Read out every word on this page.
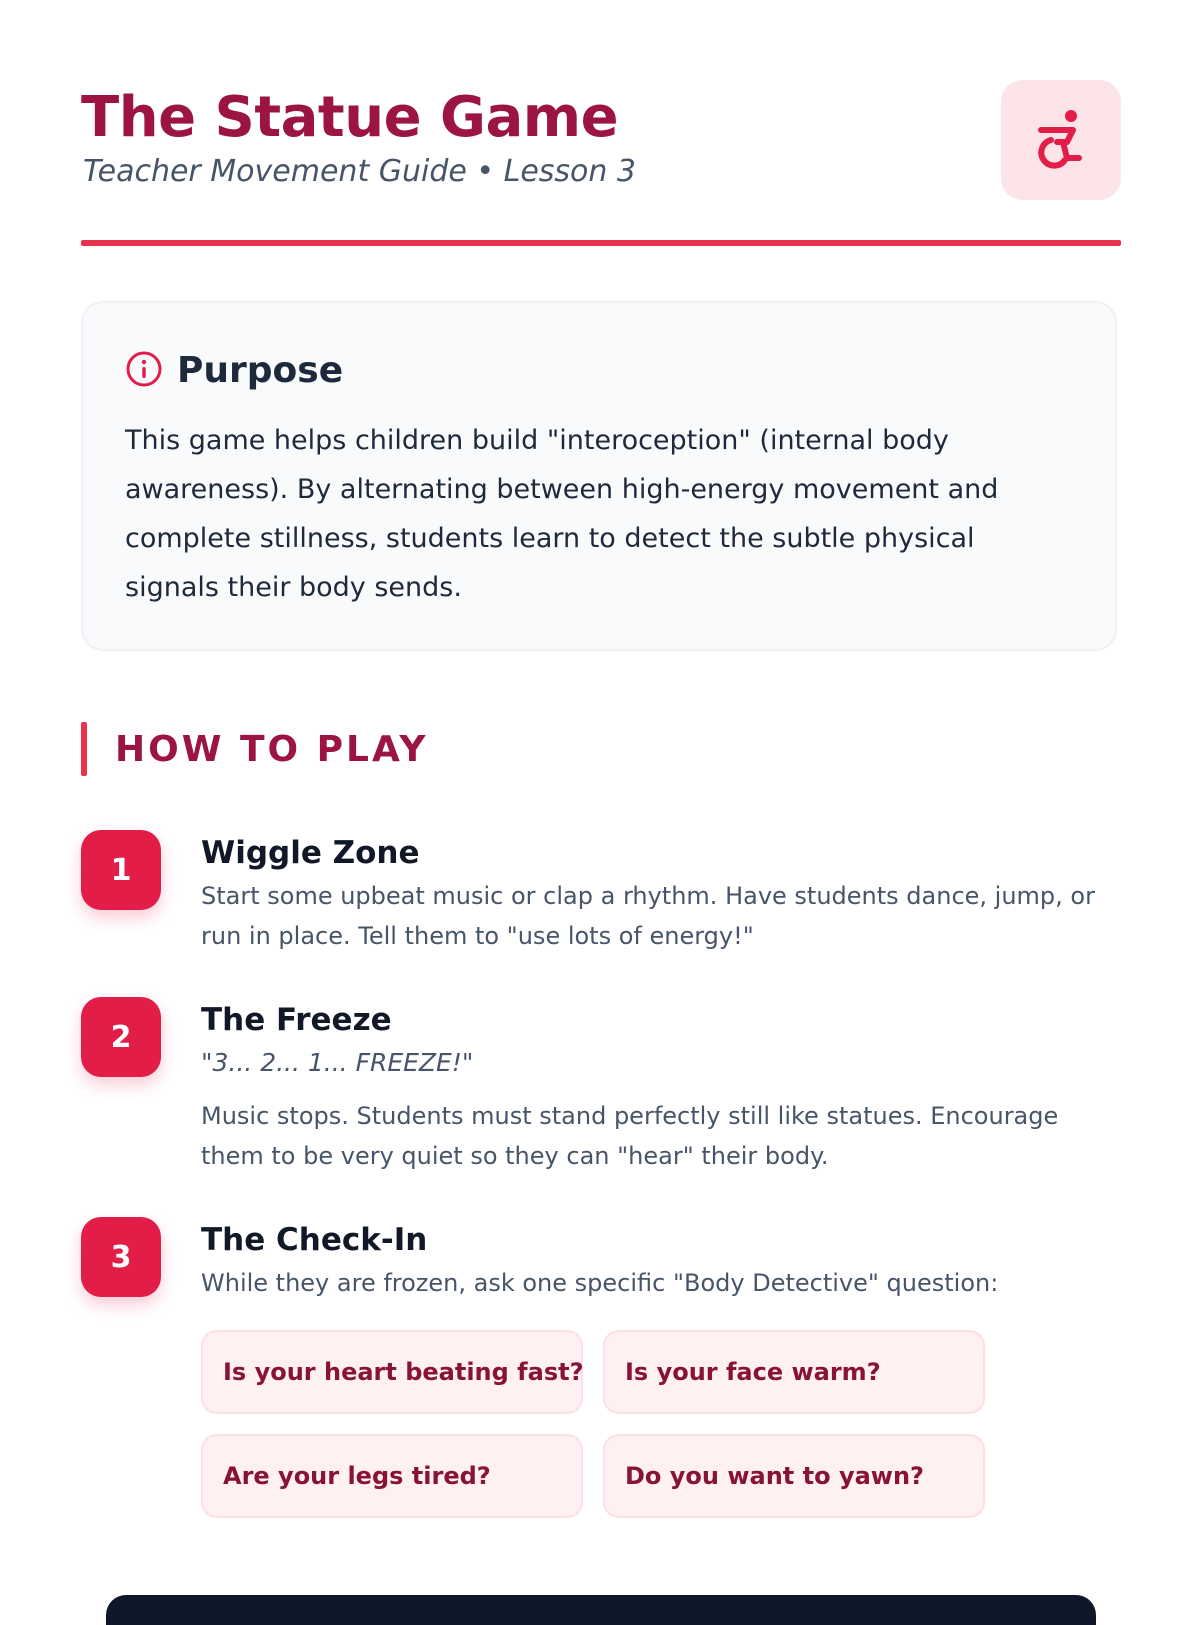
The Statue Game
Teacher Movement Guide • Lesson 3
Purpose

This game helps children build "interoception" (internal body awareness). By alternating between high-energy movement and complete stillness, students learn to detect the subtle physical signals their body sends.

HOW TO PLAY
1	Wiggle Zone

Start some upbeat music or clap a rhythm. Have students dance, jump, or run in place. Tell them to "use lots of energy!"

2	The Freeze
"3... 2... 1... FREEZE!"

Music stops. Students must stand perfectly still like statues. Encourage them to be very quiet so they can "hear" their body.

3	The Check-In

While they are frozen, ask one specific "Body Detective" question:

Is your heart beating fast?	Is your face warm?
Are your legs tired?	Do you want to yawn?
